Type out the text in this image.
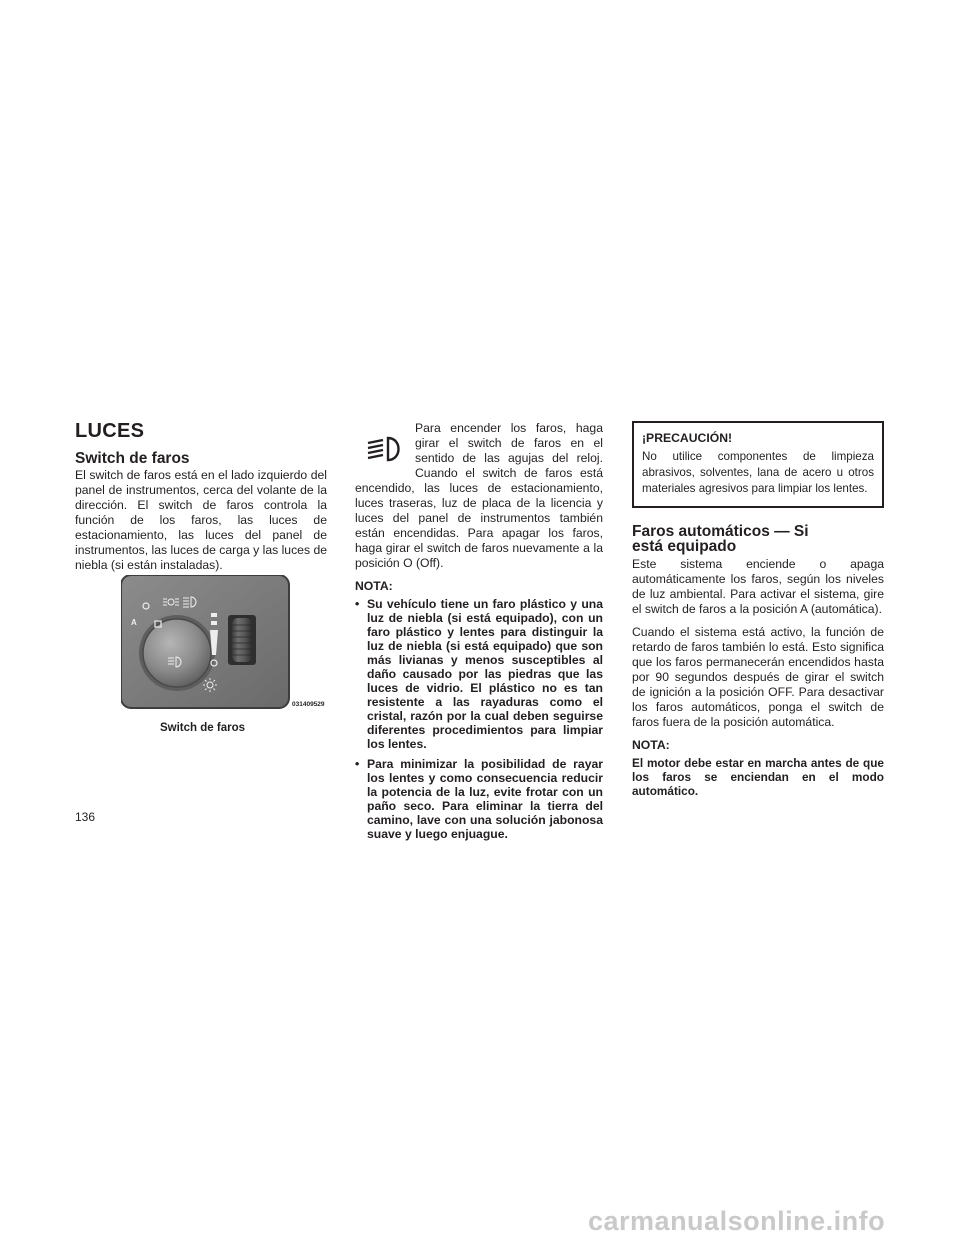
LUCES
Switch de faros

El switch de faros está en el lado izquierdo del panel de instrumentos, cerca del volante de la dirección. El switch de faros controla la función de los faros, las luces de estacionamiento, las luces del panel de instrumentos, las luces de carga y las luces de niebla (si están instaladas).

A
031409529
Switch de faros

Para encender los faros, haga girar el switch de faros en el sentido de las agujas del reloj. Cuando el switch de faros está encendido, las luces de estacionamiento, luces traseras, luz de placa de la licencia y luces del panel de instrumentos también están encendidas. Para apagar los faros, haga girar el switch de faros nuevamente a la posición O (Off).

NOTA:
• Su vehículo tiene un faro plástico y una luz de niebla (si está equipado), con un faro plástico y lentes para distinguir la luz de niebla (si está equipado) que son más livianas y menos susceptibles al daño causado por las piedras que las luces de vidrio. El plástico no es tan resistente a las rayaduras como el cristal, razón por la cual deben seguirse diferentes procedimientos para limpiar los lentes.
• Para minimizar la posibilidad de rayar los lentes y como consecuencia reducir la potencia de la luz, evite frotar con un paño seco. Para eliminar la tierra del camino, lave con una solución jabonosa suave y luego enjuague.
¡PRECAUCIÓN!

No utilice componentes de limpieza abrasivos, solventes, lana de acero u otros materiales agresivos para limpiar los lentes.

Faros automáticos — Si está equipado

Este sistema enciende o apaga automáticamente los faros, según los niveles de luz ambiental. Para activar el sistema, gire el switch de faros a la posición A (automática).

Cuando el sistema está activo, la función de retardo de faros también lo está. Esto significa que los faros permanecerán encendidos hasta por 90 segundos después de girar el switch de ignición a la posición OFF. Para desactivar los faros automáticos, ponga el switch de faros fuera de la posición automática.

NOTA:

El motor debe estar en marcha antes de que los faros se enciendan en el modo automático.

136
carmanualsonline.info
